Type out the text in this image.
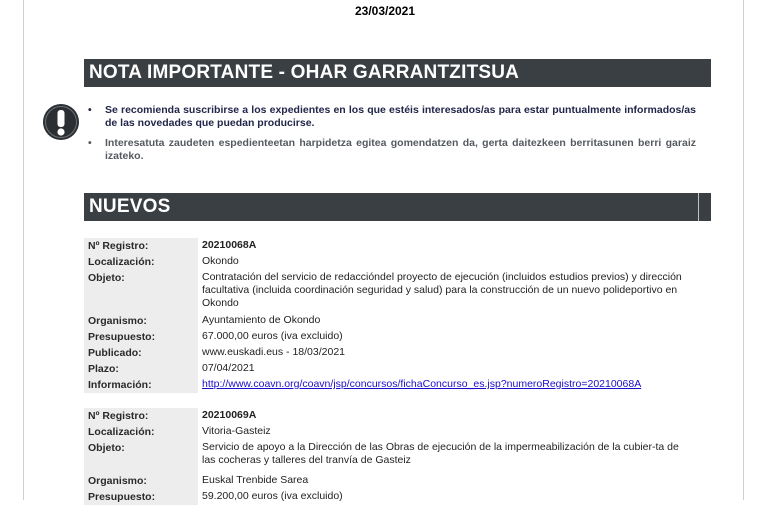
23/03/2021
NOTA IMPORTANTE - OHAR GARRANTZITSUA
• Se recomienda suscribirse a los expedientes en los que estéis interesados/as para estar puntualmente informados/as de las novedades que puedan producirse.
• Interesatuta zaudeten espedienteetan harpidetza egitea gomendatzen da, gerta daitezkeen berritasunen berri garaiz izateko.
NUEVOS
Nº Registro:	20210068A
Localización:	Okondo
Objeto:	Contratación del servicio de redaccióndel proyecto de ejecución (incluidos estudios previos) y dirección facultativa (incluida coordinación seguridad y salud) para la construcción de un nuevo polideportivo en Okondo
Organismo:	Ayuntamiento de Okondo
Presupuesto:	67.000,00 euros (iva excluido)
Publicado:	www.euskadi.eus - 18/03/2021
Plazo:	07/04/2021
Información:	http://www.coavn.org/coavn/jsp/concursos/fichaConcurso_es.jsp?numeroRegistro=20210068A
Nº Registro:	20210069A
Localización:	Vitoria-Gasteiz
Objeto:	Servicio de apoyo a la Dirección de las Obras de ejecución de la impermeabilización de la cubier-ta de las cocheras y talleres del tranvía de Gasteiz
Organismo:	Euskal Trenbide Sarea
Presupuesto:	59.200,00 euros (iva excluido)
